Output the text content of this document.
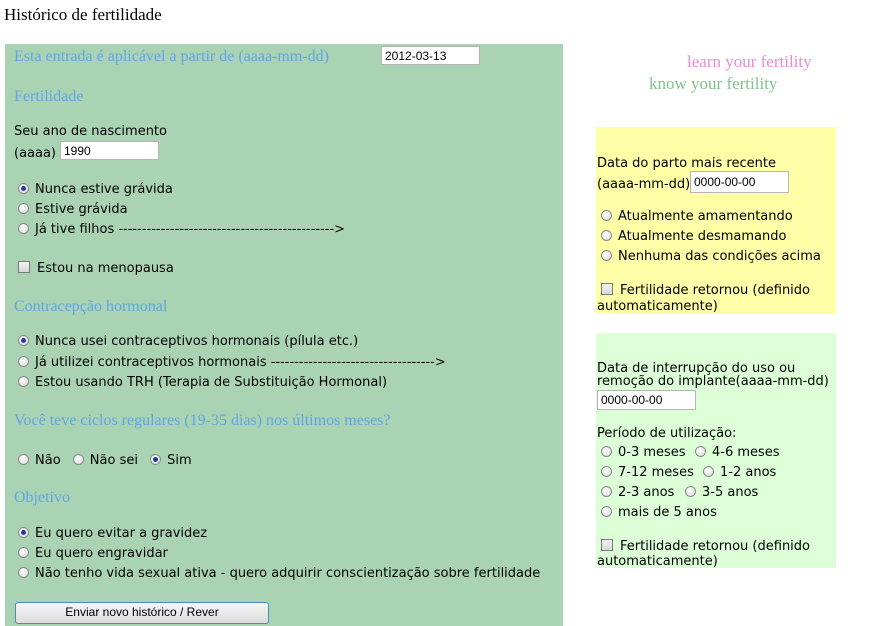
Histórico de fertilidade
Esta entrada é aplicável a partir de (aaaa-mm-dd)
2012-03-13
Fertilidade
Seu ano de nascimento
(aaaa)
1990
Nunca estive grávida
Estive grávida
Já tive filhos ---------------------------------------------->
Estou na menopausa
Contracepção hormonal
Nunca usei contraceptivos hormonais (pílula etc.)
Já utilizei contraceptivos hormonais ----------------------------------->
Estou usando TRH (Terapia de Substituição Hormonal)
Você teve ciclos regulares (19-35 dias) nos últimos meses?
Não Não sei Sim
Objetivo
Eu quero evitar a gravidez
Eu quero engravidar
Não tenho vida sexual ativa - quero adquirir conscientização sobre fertilidade
Enviar novo histórico / Rever
learn your fertility
know your fertility
Data do parto mais recente
(aaaa-mm-dd)
0000-00-00
Atualmente amamentando
Atualmente desmamando
Nenhuma das condições acima
Fertilidade retornou (definido
automaticamente)
Data de interrupção do uso ou
remoção do implante(aaaa-mm-dd)
0000-00-00
Período de utilização:
0-3 meses	4-6 meses
7-12 meses	1-2 anos
2-3 anos	3-5 anos
mais de 5 anos
Fertilidade retornou (definido
automaticamente)
